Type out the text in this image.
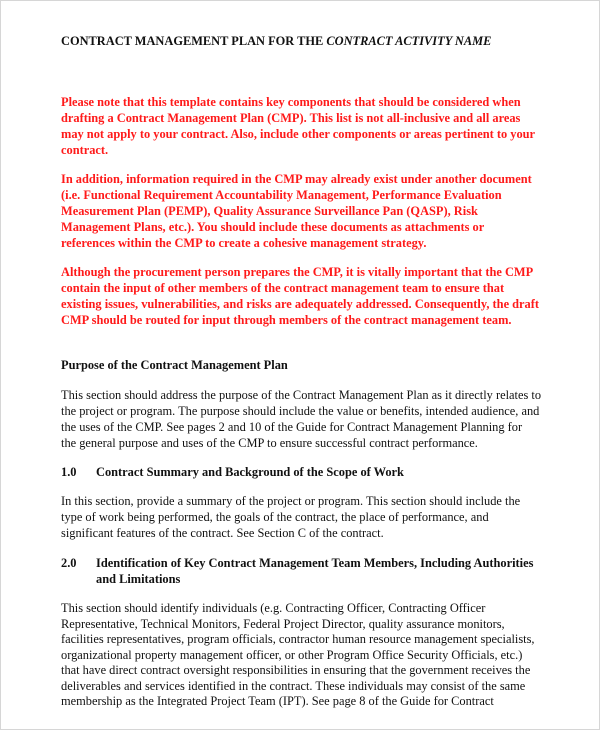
CONTRACT MANAGEMENT PLAN FOR THE CONTRACT ACTIVITY NAME
Please note that this template contains key components that should be considered when
drafting a Contract Management Plan (CMP). This list is not all-inclusive and all areas
may not apply to your contract. Also, include other components or areas pertinent to your
contract.
In addition, information required in the CMP may already exist under another document
(i.e. Functional Requirement Accountability Management, Performance Evaluation
Measurement Plan (PEMP), Quality Assurance Surveillance Pan (QASP), Risk
Management Plans, etc.). You should include these documents as attachments or
references within the CMP to create a cohesive management strategy.
Although the procurement person prepares the CMP, it is vitally important that the CMP
contain the input of other members of the contract management team to ensure that
existing issues, vulnerabilities, and risks are adequately addressed. Consequently, the draft
CMP should be routed for input through members of the contract management team.
Purpose of the Contract Management Plan
This section should address the purpose of the Contract Management Plan as it directly relates to
the project or program. The purpose should include the value or benefits, intended audience, and
the uses of the CMP. See pages 2 and 10 of the Guide for Contract Management Planning for
the general purpose and uses of the CMP to ensure successful contract performance.
1.0 Contract Summary and Background of the Scope of Work
In this section, provide a summary of the project or program. This section should include the
type of work being performed, the goals of the contract, the place of performance, and
significant features of the contract. See Section C of the contract.
2.0 Identification of Key Contract Management Team Members, Including Authorities
and Limitations
This section should identify individuals (e.g. Contracting Officer, Contracting Officer
Representative, Technical Monitors, Federal Project Director, quality assurance monitors,
facilities representatives, program officials, contractor human resource management specialists,
organizational property management officer, or other Program Office Security Officials, etc.)
that have direct contract oversight responsibilities in ensuring that the government receives the
deliverables and services identified in the contract. These individuals may consist of the same
membership as the Integrated Project Team (IPT). See page 8 of the Guide for Contract
